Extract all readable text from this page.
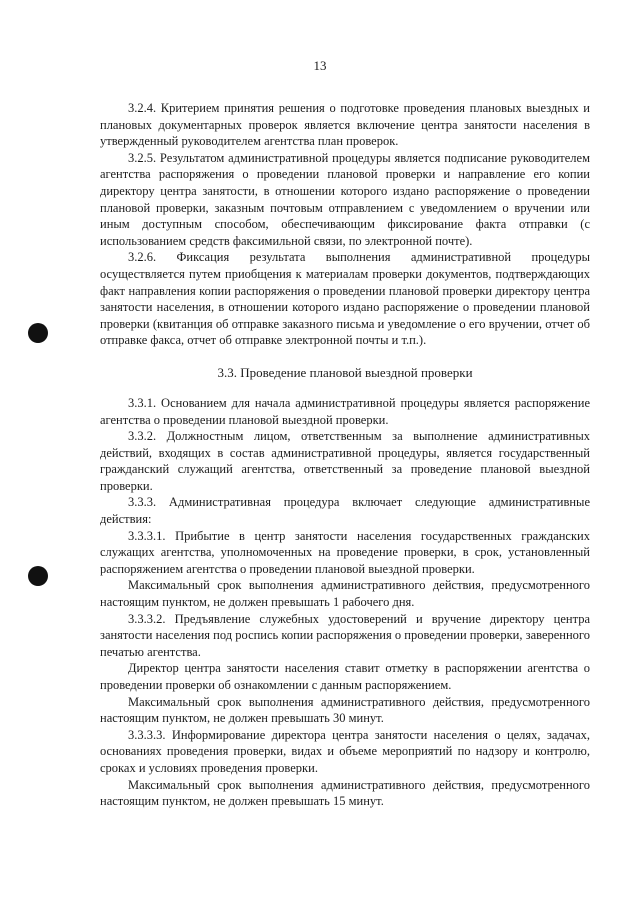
13

3.2.4. Критерием принятия решения о подготовке проведения плановых выездных и плановых документарных проверок является включение центра занятости населения в утвержденный руководителем агентства план проверок.

3.2.5. Результатом административной процедуры является подписание руководителем агентства распоряжения о проведении плановой проверки и направление его копии директору центра занятости, в отношении которого издано распоряжение о проведении плановой проверки, заказным почтовым отправлением с уведомлением о вручении или иным доступным способом, обеспечивающим фиксирование факта отправки (с использованием средств факсимильной связи, по электронной почте).

3.2.6. Фиксация результата выполнения административной процедуры осуществляется путем приобщения к материалам проверки документов, подтверждающих факт направления копии распоряжения о проведении плановой проверки директору центра занятости населения, в отношении которого издано распоряжение о проведении плановой проверки (квитанция об отправке заказного письма и уведомление о его вручении, отчет об отправке факса, отчет об отправке электронной почты и т.п.).

3.3. Проведение плановой выездной проверки

3.3.1. Основанием для начала административной процедуры является распоряжение агентства о проведении плановой выездной проверки.

3.3.2. Должностным лицом, ответственным за выполнение административных действий, входящих в состав административной процедуры, является государственный гражданский служащий агентства, ответственный за проведение плановой выездной проверки.

3.3.3. Административная процедура включает следующие административные действия:

3.3.3.1. Прибытие в центр занятости населения государственных гражданских служащих агентства, уполномоченных на проведение проверки, в срок, установленный распоряжением агентства о проведении плановой выездной проверки.

Максимальный срок выполнения административного действия, предусмотренного настоящим пунктом, не должен превышать 1 рабочего дня.

3.3.3.2. Предъявление служебных удостоверений и вручение директору центра занятости населения под роспись копии распоряжения о проведении проверки, заверенного печатью агентства.

Директор центра занятости населения ставит отметку в распоряжении агентства о проведении проверки об ознакомлении с данным распоряжением.

Максимальный срок выполнения административного действия, предусмотренного настоящим пунктом, не должен превышать 30 минут.

3.3.3.3. Информирование директора центра занятости населения о целях, задачах, основаниях проведения проверки, видах и объеме мероприятий по надзору и контролю, сроках и условиях проведения проверки.

Максимальный срок выполнения административного действия, предусмотренного настоящим пунктом, не должен превышать 15 минут.
